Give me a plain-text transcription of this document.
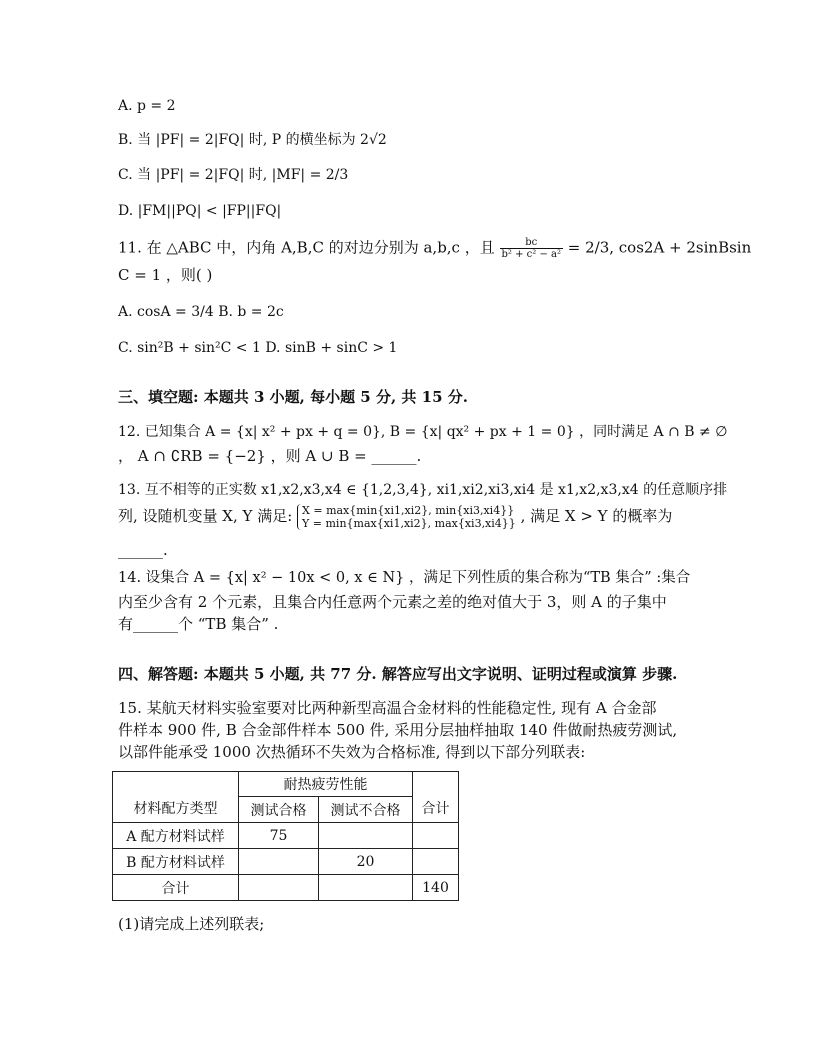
A. p = 2
B. 当 |PF| = 2|FQ| 时, P 的横坐标为 2√2
C. 当 |PF| = 2|FQ| 时, |MF| = 2/3
D. |FM||PQ| < |FP||FQ|
11. 在 △ABC 中，内角 A,B,C 的对边分别为 a,b,c ，且 $\frac{bc}{\text{b² + c² − a²}} = 2/3$, cos2A + 2sinBsin
C = 1 ，则( )
A. cosA = 3/4 B. b = 2c
C. sin²B + sin²C < 1 D. sinB + sinC > 1
三、填空题: 本题共 3 小题, 每小题 5 分, 共 15 分.
12. 已知集合 A = {x| x² + px + q = 0}, B = {x| qx² + px + 1 = 0} ，同时满足 A ∩ B ≠ ∅
， A ∩ ∁RB = {−2} ，则 A ∪ B = ______.
13. 互不相等的正实数 x1,x2,x3,x4 ∈ {1,2,3,4}, xi1,xi2,xi3,xi4 是 x1,x2,x3,x4 的任意顺序排
列, 设随机变量 X, Y 满足: X = max{min{xi1,xi2}, min{xi3,xi4}}
Y = min{max{xi1,xi2}, max{xi3,xi4}} , 满足 X > Y 的概率为
______.
14. 设集合 A = {x| x² − 10x < 0, x ∈ N} ，满足下列性质的集合称为“TB 集合” :集合
内至少含有 2 个元素，且集合内任意两个元素之差的绝对值大于 3，则 A 的子集中
有______个 “TB 集合” .
四、解答题: 本题共 5 小题, 共 77 分. 解答应写出文字说明、证明过程或演算 步骤.
15. 某航天材料实验室要对比两种新型高温合金材料的性能稳定性, 现有 A 合金部
件样本 900 件, B 合金部件样本 500 件, 采用分层抽样抽取 140 件做耐热疲劳测试,
以部件能承受 1000 次热循环不失效为合格标准, 得到以下部分列联表:
材料配方类型	耐热疲劳性能		合计
	测试合格	测试不合格	
A 配方材料试样	75		
B 配方材料试样		20	
合计			140
(1)请完成上述列联表;
